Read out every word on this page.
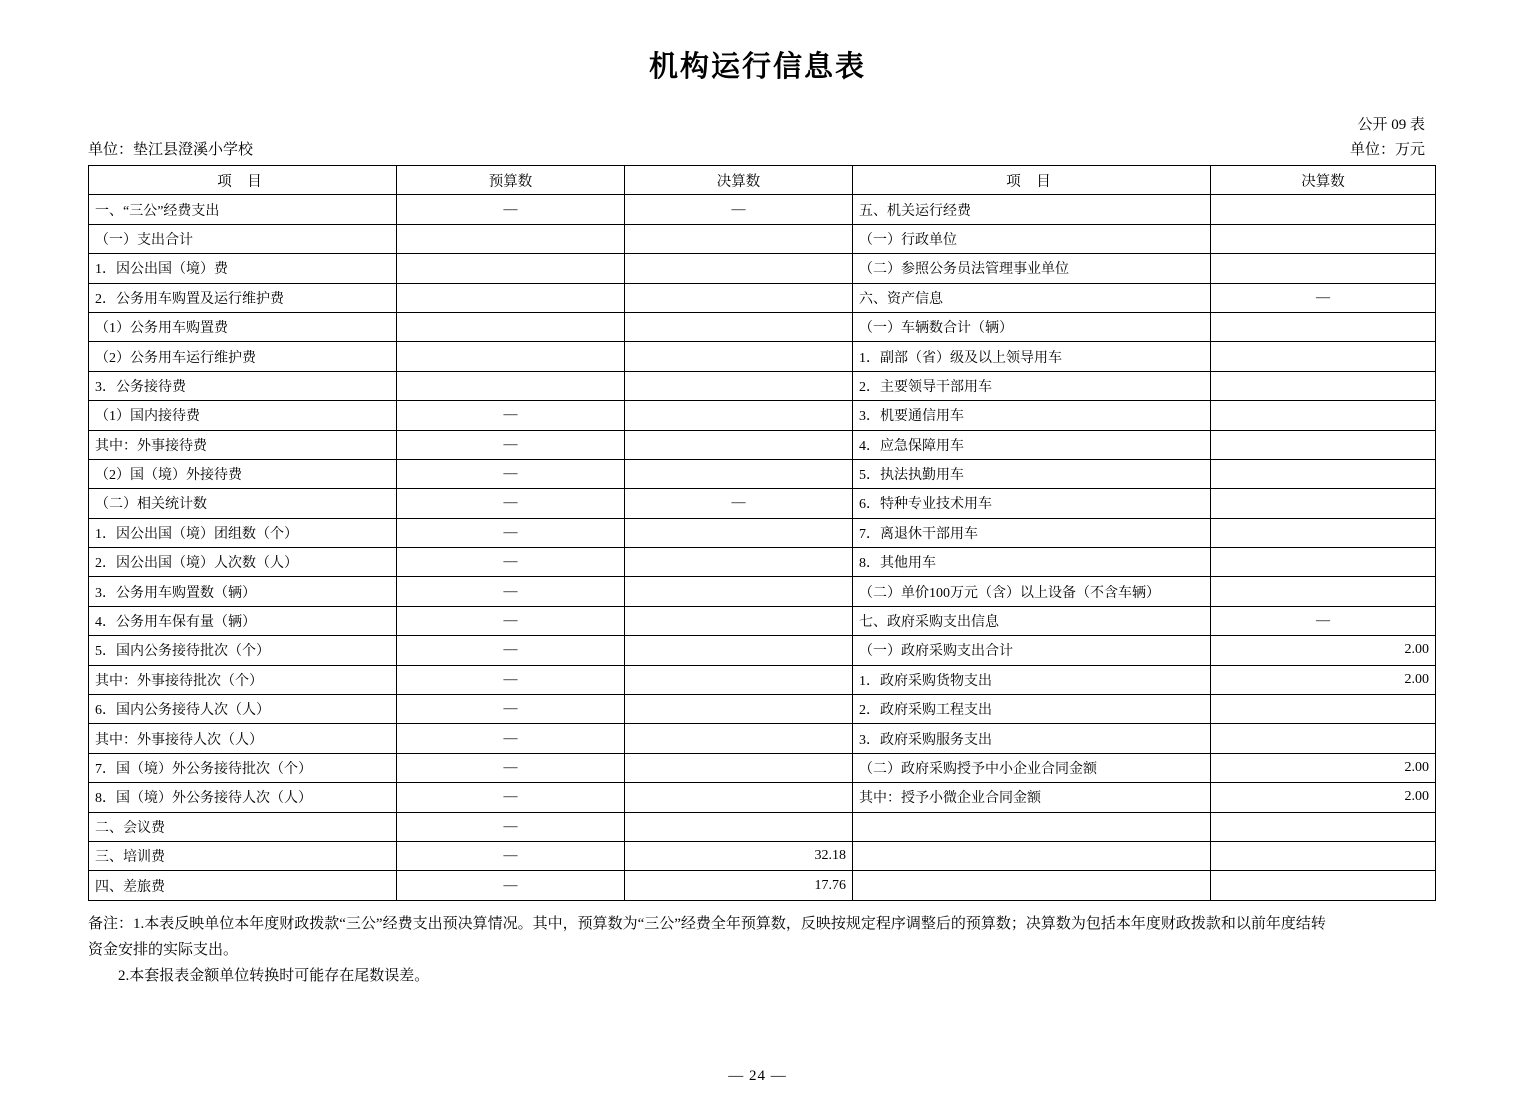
机构运行信息表
公开 09 表
单位：垫江县澄溪小学校	单位：万元
项 目	预算数	决算数	项 目	决算数
一、“三公”经费支出	—	—	五、机关运行经费	
（一）支出合计			（一）行政单位	
1．因公出国（境）费			（二）参照公务员法管理事业单位	
2．公务用车购置及运行维护费			六、资产信息	—
（1）公务用车购置费			（一）车辆数合计（辆）	
（2）公务用车运行维护费			1．副部（省）级及以上领导用车	
3．公务接待费			2．主要领导干部用车	
（1）国内接待费	—		3．机要通信用车	
其中：外事接待费	—		4．应急保障用车	
（2）国（境）外接待费	—		5．执法执勤用车	
（二）相关统计数	—	—	6．特种专业技术用车	
1．因公出国（境）团组数（个）	—		7．离退休干部用车	
2．因公出国（境）人次数（人）	—		8．其他用车	
3．公务用车购置数（辆）	—		（二）单价100万元（含）以上设备（不含车辆）	
4．公务用车保有量（辆）	—		七、政府采购支出信息	—
5．国内公务接待批次（个）	—		（一）政府采购支出合计	2.00
其中：外事接待批次（个）	—		1．政府采购货物支出	2.00
6．国内公务接待人次（人）	—		2．政府采购工程支出	
其中：外事接待人次（人）	—		3．政府采购服务支出	
7．国（境）外公务接待批次（个）	—		（二）政府采购授予中小企业合同金额	2.00
8．国（境）外公务接待人次（人）	—		其中：授予小微企业合同金额	2.00
二、会议费	—			
三、培训费	—	32.18		
四、差旅费	—	17.76		

备注：1.本表反映单位本年度财政拨款“三公”经费支出预决算情况。其中，预算数为“三公”经费全年预算数，反映按规定程序调整后的预算数；决算数为包括本年度财政拨款和以前年度结转

资金安排的实际支出。

2.本套报表金额单位转换时可能存在尾数误差。

— 24 —
